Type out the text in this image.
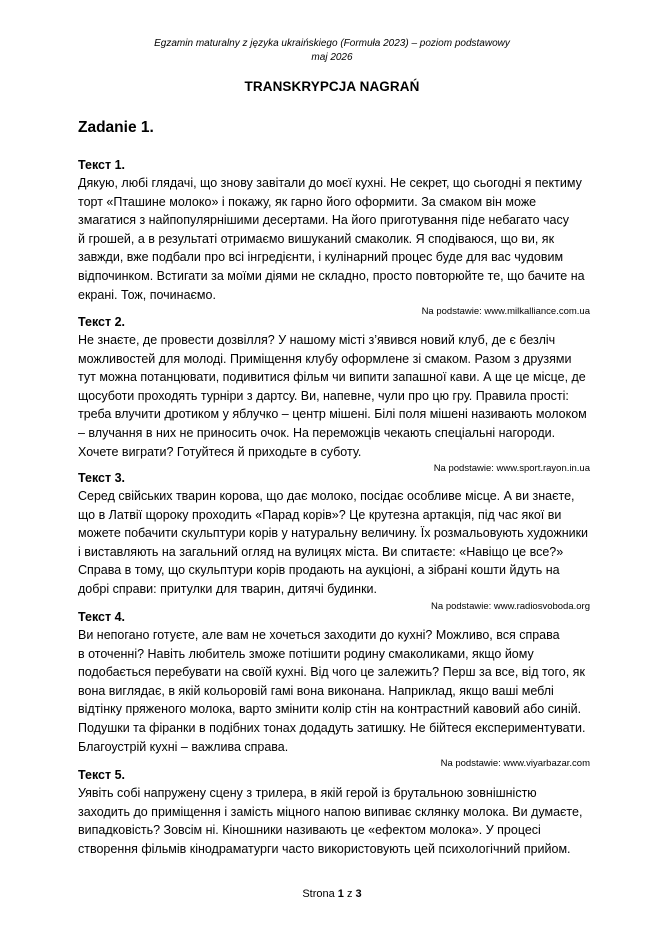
Egzamin maturalny z języka ukraińskiego (Formuła 2023) – poziom podstawowy
maj 2026
TRANSKRYPCJA NAGRAŃ
Zadanie 1.
Текст 1.
Дякую, любі глядачі, що знову завітали до моєї кухні. Не секрет, що сьогодні я пектиму
торт «Пташине молоко» і покажу, як гарно його оформити. За смаком він може
змагатися з найпопулярнішими десертами. На його приготування піде небагато часу
й грошей, а в результаті отримаємо вишуканий смаколик. Я сподіваюся, що ви, як
завжди, вже подбали про всі інгредієнти, і кулінарний процес буде для вас чудовим
відпочинком. Встигати за моїми діями не складно, просто повторюйте те, що бачите на
екрані. Тож, починаємо.
Na podstawie: www.milkalliance.com.ua
Текст 2.
Не знаєте, де провести дозвілля? У нашому місті з’явився новий клуб, де є безліч
можливостей для молоді. Приміщення клубу оформлене зі смаком. Разом з друзями
тут можна потанцювати, подивитися фільм чи випити запашної кави. А ще це місце, де
щосуботи проходять турніри з дартсу. Ви, напевне, чули про цю гру. Правила прості:
треба влучити дротиком у яблучко – центр мішені. Білі поля мішені називають молоком
– влучання в них не приносить очок. На переможців чекають спеціальні нагороди.
Хочете виграти? Готуйтеся й приходьте в суботу.
Na podstawie: www.sport.rayon.in.ua
Текст 3.
Серед свійських тварин корова, що дає молоко, посідає особливе місце. А ви знаєте,
що в Латвії щороку проходить «Парад корів»? Це крутезна артакція, під час якої ви
можете побачити скульптури корів у натуральну величину. Їх розмальовують художники
і виставляють на загальний огляд на вулицях міста. Ви спитаєте: «Навіщо це все?»
Справа в тому, що скульптури корів продають на аукціоні, а зібрані кошти йдуть на
добрі справи: притулки для тварин, дитячі будинки.
Na podstawie: www.radiosvoboda.org
Текст 4.
Ви непогано готуєте, але вам не хочеться заходити до кухні? Можливо, вся справа
в оточенні? Навіть любитель зможе потішити родину смаколиками, якщо йому
подобається перебувати на своїй кухні. Від чого це залежить? Перш за все, від того, як
вона виглядає, в якій кольоровій гамі вона виконана. Наприклад, якщо ваші меблі
відтінку пряженого молока, варто змінити колір стін на контрастний кавовий або синій.
Подушки та фіранки в подібних тонах додадуть затишку. Не бійтеся експериментувати.
Благоустрій кухні – важлива справа.
Na podstawie: www.viyarbazar.com
Текст 5.
Уявіть собі напружену сцену з трилера, в якій герой із брутальною зовнішністю
заходить до приміщення і замість міцного напою випиває склянку молока. Ви думаєте,
випадковість? Зовсім ні. Кіношники називають це «ефектом молока». У процесі
створення фільмів кінодраматурги часто використовують цей психологічний прийом.
Strona 1 z 3
